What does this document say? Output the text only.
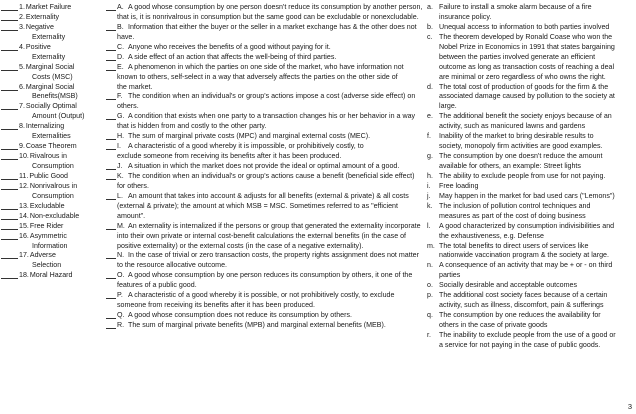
1. Market Failure
2. Externality
3. Negative
Externality
4. Positive
Externality
5. Marginal Social
Costs (MSC)
6. Marginal Social
Benefits(MSB)
7. Socially Optimal
Amount (Output)
8. Internalizing
Externalities
9. Coase Theorem
10. Rivalrous in
Consumption
11. Public Good
12. Nonrivalrous in
Consumption
13. Excludable
14. Non-excludable
15. Free Rider
16. Asymmetric
Information
17. Adverse
Selection
18. Moral Hazard
A. A good whose consumption by one person doesn't reduce its consumption by another person,
that is, it is nonrivalrous in consumption but the same good can be excludable or nonexcludable.
B. Information that either the buyer or the seller in a market exchange has & the other does not
have.
C. Anyone who receives the benefits of a good without paying for it.
D. A side effect of an action that affects the well-being of third parties.
E. A phenomenon in which the parties on one side of the market, who have information not
known to others, self-select in a way that adversely affects the parties on the other side of
the market.
F. The condition when an individual's or group's actions impose a cost (adverse side effect) on
others.
G. A condition that exists when one party to a transaction changes his or her behavior in a way
that is hidden from and costly to the other party.
H. The sum of marginal private costs (MPC) and marginal external costs (MEC).
I. A characteristic of a good whereby it is impossible, or prohibitively costly, to
exclude someone from receiving its benefits after it has been produced.
J. A situation in which the market does not provide the ideal or optimal amount of a good.
K. The condition when an individual's or group's actions cause a benefit (beneficial side effect)
for others.
L. An amount that takes into account & adjusts for all benefits (external & private) & all costs
(external & private); the amount at which MSB = MSC. Sometimes referred to as "efficient
amount".
M. An externality is internalized if the persons or group that generated the externality incorporate
into their own private or internal cost-benefit calculations the external benefits (in the case of
positive externality) or the external costs (in the case of a negative externality).
N. In the case of trivial or zero transaction costs, the property rights assignment does not matter
to the resource allocative outcome.
O. A good whose consumption by one person reduces its consumption by others, it one of the
features of a public good.
P. A characteristic of a good whereby it is possible, or not prohibitively costly, to exclude
someone from receiving its benefits after it has been produced.
Q. A good whose consumption does not reduce its consumption by others.
R. The sum of marginal private benefits (MPB) and marginal external benefits (MEB).
a. Failure to install a smoke alarm because of a fire
insurance policy.
b. Unequal access to information to both parties involved
c. The theorem developed by Ronald Coase who won the
Nobel Prize in Economics in 1991 that states bargaining
between the parties involved generate an efficient
outcome as long as transaction costs of reaching a deal
are minimal or zero regardless of who owns the right.
d. The total cost of production of goods for the firm & the
associated damage caused by pollution to the society at
large.
e. The additional benefit the society enjoys because of an
activity, such as manicured lawns and gardens
f.	Inability of the market to bring desirable results to
society, monopoly firm activities are good examples.
g. The consumption by one doesn't reduce the amount
available for others, an example: Street lights
h. The ability to exclude people from use for not paying.
i.	Free loading
j.	May happen in the market for bad used cars ("Lemons")
k. The inclusion of pollution control techniques and
measures as part of the cost of doing business
l.	A good characterized by consumption indivisibilities and
the exhaustiveness, e.g. Defense
m. The total benefits to direct users of services like
nationwide vaccination program & the society at large.
n. A consequence of an activity that may be + or - on third
parties
o. Socially desirable and acceptable outcomes
p. The additional cost society faces because of a certain
activity, such as illness, discomfort, pain & sufferings
q. The consumption by one reduces the availability for
others in the case of private goods
r.	The inability to exclude people from the use of a good or
a service for not paying in the case of public goods.
3
